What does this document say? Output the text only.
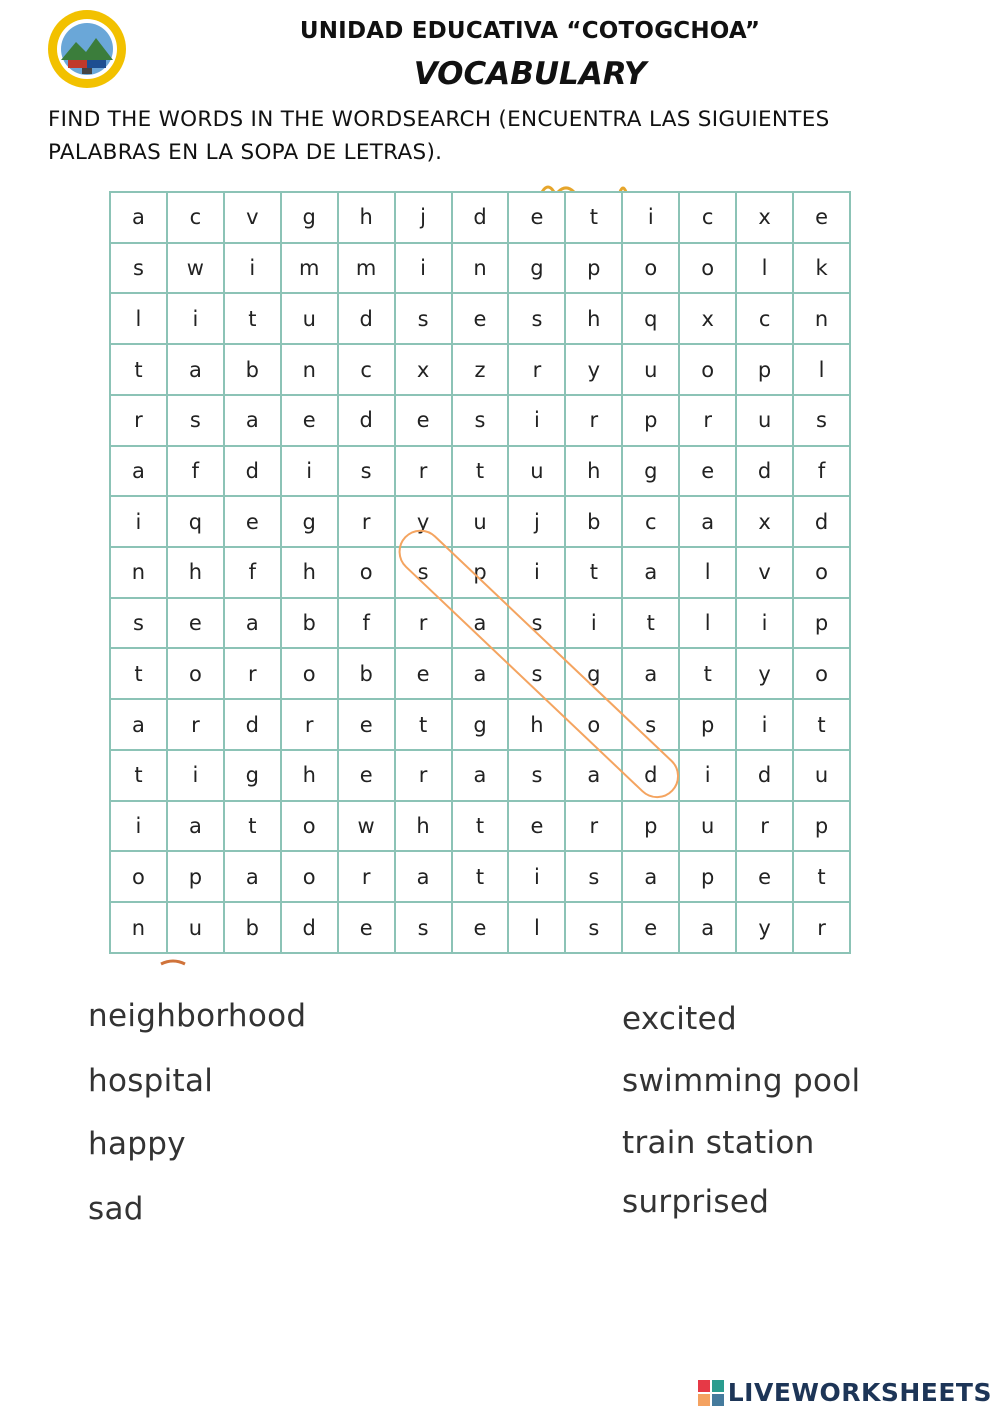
UNIDAD EDUCATIVA “COTOGCHOA”
VOCABULARY
FIND THE WORDS IN THE WORDSEARCH (ENCUENTRA LAS SIGUIENTES
PALABRAS EN LA SOPA DE LETRAS).
a	c	v	g	h	j	d	e	t	i	c	x	e
s	w	i	m	m	i	n	g	p	o	o	l	k
l	i	t	u	d	s	e	s	h	q	x	c	n
t	a	b	n	c	x	z	r	y	u	o	p	l
r	s	a	e	d	e	s	i	r	p	r	u	s
a	f	d	i	s	r	t	u	h	g	e	d	f
i	q	e	g	r	y	u	j	b	c	a	x	d
n	h	f	h	o	s	p	i	t	a	l	v	o
s	e	a	b	f	r	a	s	i	t	l	i	p
t	o	r	o	b	e	a	s	g	a	t	y	o
a	r	d	r	e	t	g	h	o	s	p	i	t
t	i	g	h	e	r	a	s	a	d	i	d	u
i	a	t	o	w	h	t	e	r	p	u	r	p
o	p	a	o	r	a	t	i	s	a	p	e	t
n	u	b	d	e	s	e	l	s	e	a	y	r
neighborhood
hospital
happy
sad
excited
swimming pool
train station
surprised
LIVEWORKSHEETS
